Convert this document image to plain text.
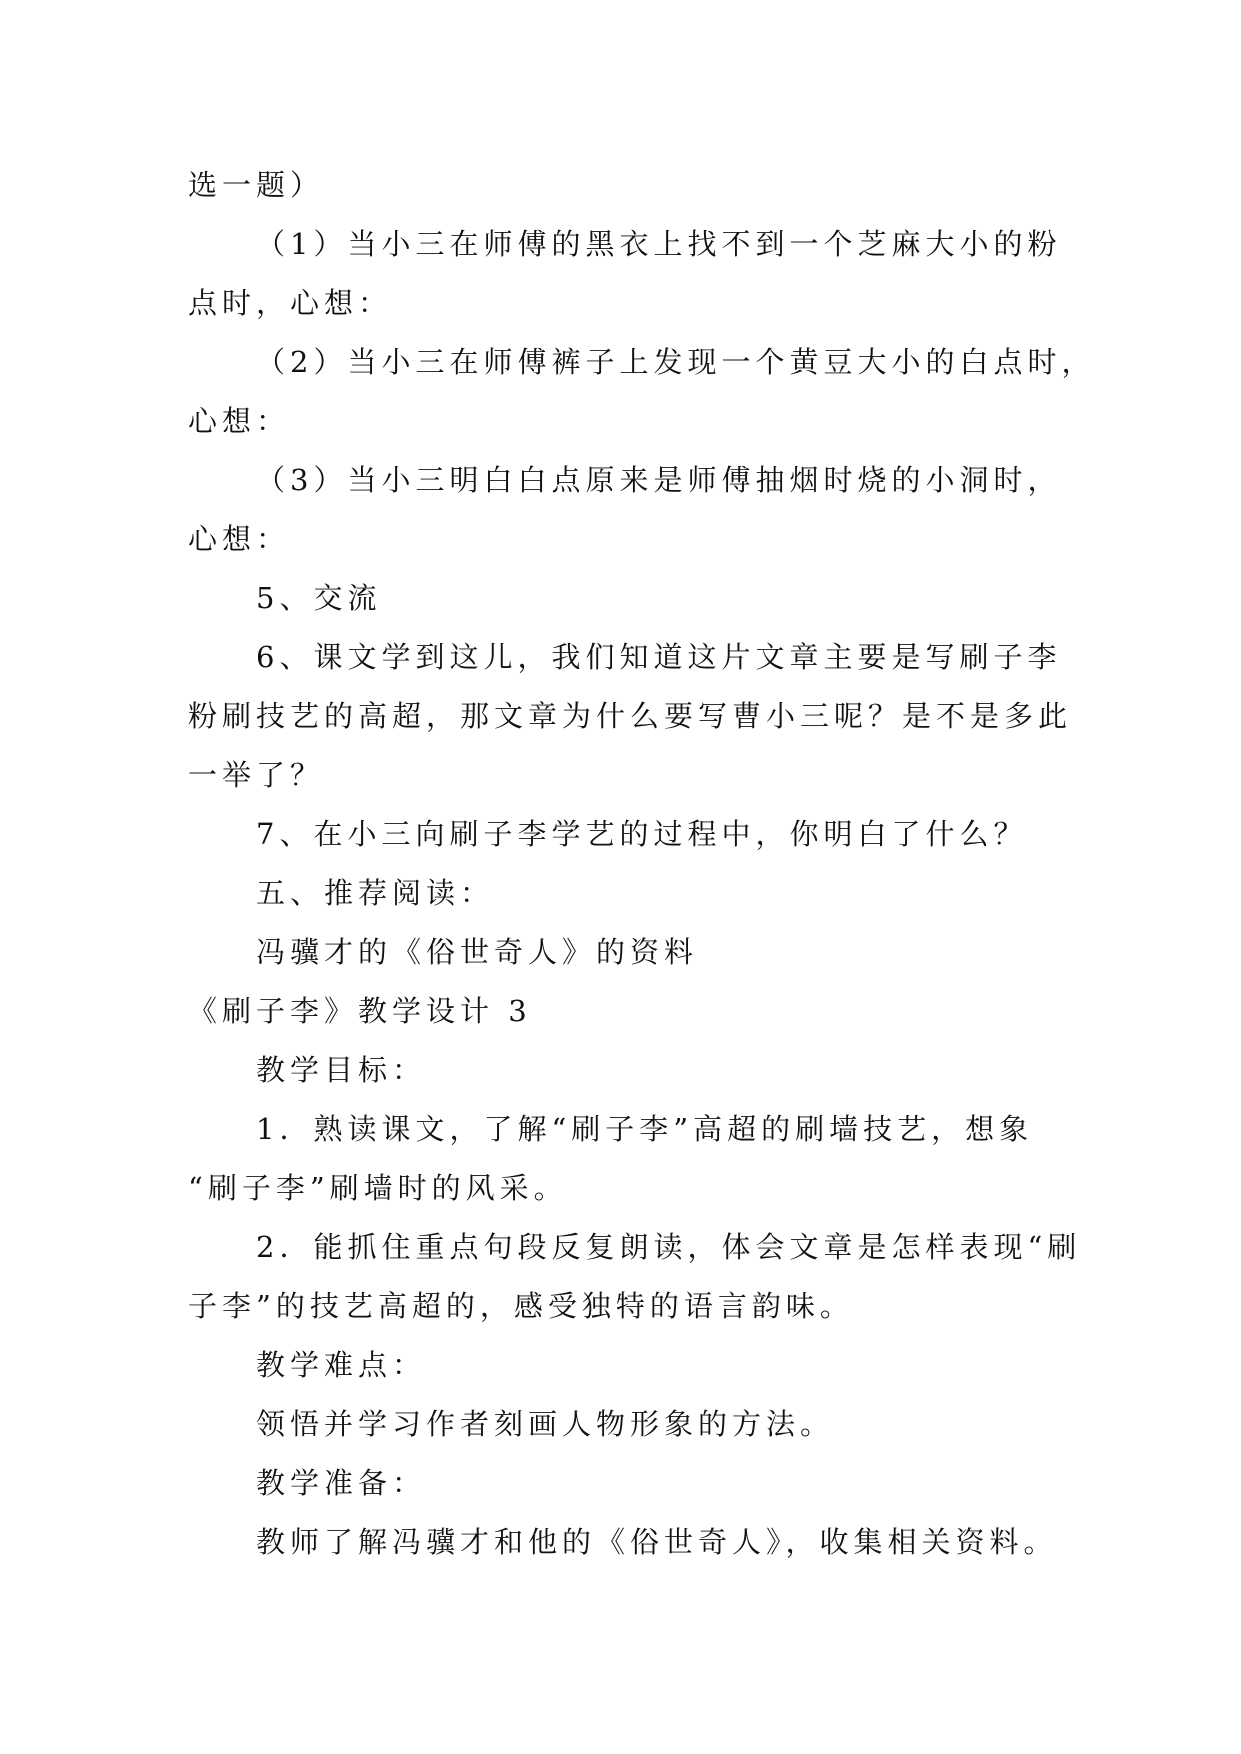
选一题）
（1）当小三在师傅的黑衣上找不到一个芝麻大小的粉
点时，心想：
（2）当小三在师傅裤子上发现一个黄豆大小的白点时，
心想：
（3）当小三明白白点原来是师傅抽烟时烧的小洞时，
心想：
5、交流
6、课文学到这儿，我们知道这片文章主要是写刷子李
粉刷技艺的高超，那文章为什么要写曹小三呢？是不是多此
一举了？
7、在小三向刷子李学艺的过程中，你明白了什么？
五、推荐阅读：
冯骥才的《俗世奇人》的资料
《刷子李》教学设计 3
教学目标：
1．熟读课文，了解“刷子李”高超的刷墙技艺，想象
“刷子李”刷墙时的风采。
2．能抓住重点句段反复朗读，体会文章是怎样表现“刷
子李”的技艺高超的，感受独特的语言韵味。
教学难点：
领悟并学习作者刻画人物形象的方法。
教学准备：
教师了解冯骥才和他的《俗世奇人》，收集相关资料。
